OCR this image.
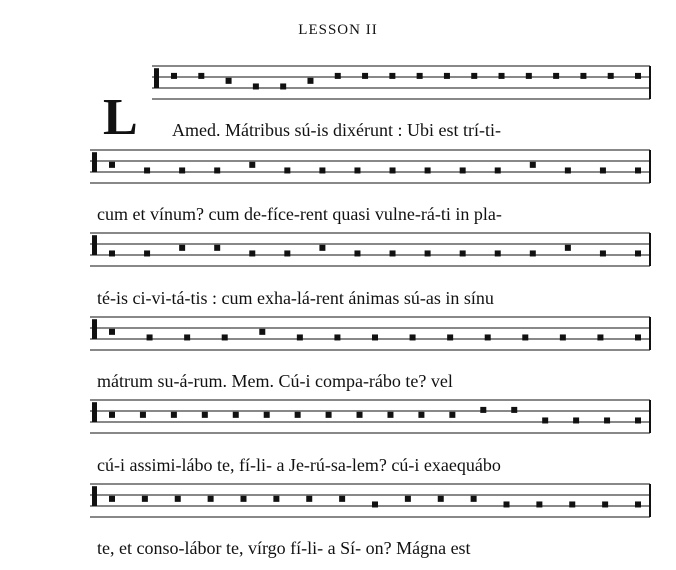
LESSON II
L Amed. Mátribus sú-is dixérunt : Ubi est trí-ti-
cum et vínum? cum de-fíce-rent quasi vulne-rá-ti in pla-
té-is ci-vi-tá-tis : cum exha-lá-rent ánimas sú-as in sínu
mátrum su-á-rum. Mem. Cú-i compa-rábo te? vel
cú-i assimi-lábo te, fí-li- a Je-rú-sa-lem? cú-i exaequábo
te, et conso-lábor te, vírgo fí-li- a Sí- on? Mágna est
